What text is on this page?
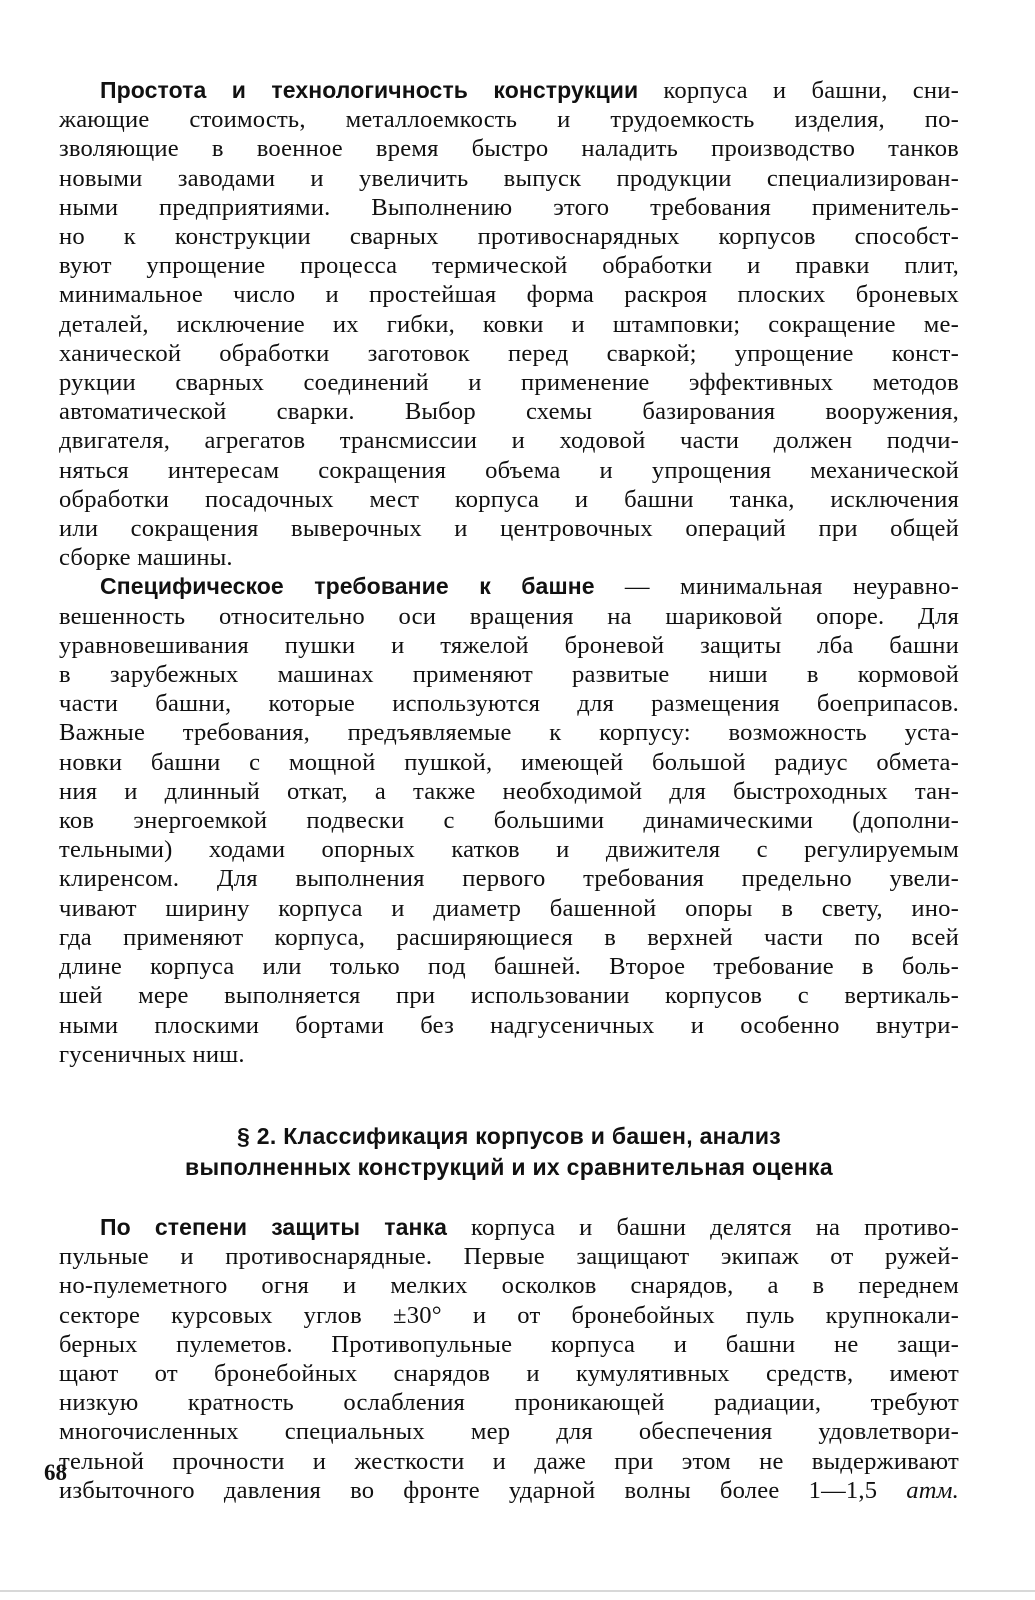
Простота и технологичность конструкции корпуса и башни, сни-

жающие стоимость, металлоемкость и трудоемкость изделия, по-

зволяющие в военное время быстро наладить производство танков

новыми заводами и увеличить выпуск продукции специализирован-

ными предприятиями. Выполнению этого требования применитель-

но к конструкции сварных противоснарядных корпусов способст-

вуют упрощение процесса термической обработки и правки плит,

минимальное число и простейшая форма раскроя плоских броневых

деталей, исключение их гибки, ковки и штамповки; сокращение ме-

ханической обработки заготовок перед сваркой; упрощение конст-

рукции сварных соединений и применение эффективных методов

автоматической сварки. Выбор схемы базирования вооружения,

двигателя, агрегатов трансмиссии и ходовой части должен подчи-

няться интересам сокращения объема и упрощения механической

обработки посадочных мест корпуса и башни танка, исключения

или сокращения выверочных и центровочных операций при общей

сборке машины.

Специфическое требование к башне — минимальная неуравно-

вешенность относительно оси вращения на шариковой опоре. Для

уравновешивания пушки и тяжелой броневой защиты лба башни

в зарубежных машинах применяют развитые ниши в кормовой

части башни, которые используются для размещения боеприпасов.

Важные требования, предъявляемые к корпусу: возможность уста-

новки башни с мощной пушкой, имеющей большой радиус обмета-

ния и длинный откат, а также необходимой для быстроходных тан-

ков энергоемкой подвески с большими динамическими (дополни-

тельными) ходами опорных катков и движителя с регулируемым

клиренсом. Для выполнения первого требования предельно увели-

чивают ширину корпуса и диаметр башенной опоры в свету, ино-

гда применяют корпуса, расширяющиеся в верхней части по всей

длине корпуса или только под башней. Второе требование в боль-

шей мере выполняется при использовании корпусов с вертикаль-

ными плоскими бортами без надгусеничных и особенно внутри-

гусеничных ниш.

§ 2. Классификация корпусов и башен, анализ
выполненных конструкций и их сравнительная оценка

По степени защиты танка корпуса и башни делятся на противо-

пульные и противоснарядные. Первые защищают экипаж от ружей-

но-пулеметного огня и мелких осколков снарядов, а в переднем

секторе курсовых углов ±30° и от бронебойных пуль крупнокали-

берных пулеметов. Противопульные корпуса и башни не защи-

щают от бронебойных снарядов и кумулятивных средств, имеют

низкую кратность ослабления проникающей радиации, требуют

многочисленных специальных мер для обеспечения удовлетвори-

тельной прочности и жесткости и даже при этом не выдерживают

избыточного давления во фронте ударной волны более 1—1,5 атм.

68
